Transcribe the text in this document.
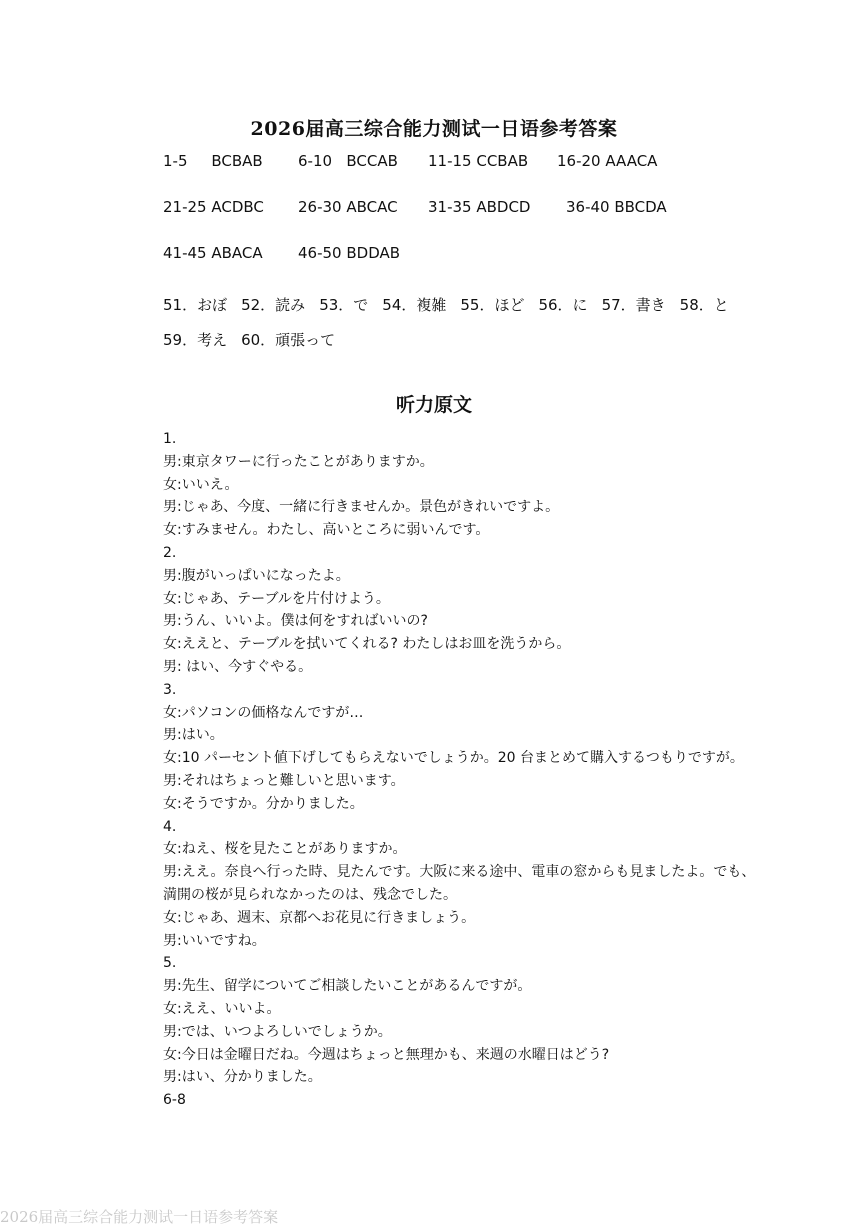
2026届高三综合能力测试一日语参考答案
1-5     BCBAB 6-10   BCCAB 11-15 CCBAB 16-20 AAACA
21-25 ACDBC 26-30 ABCAC 31-35 ABDCD 36-40 BBCDA
41-45 ABACA 46-50 BDDAB
51．おぼ 52．読み 53．で 54．複雑 55．ほど 56．に 57．書き 58．と
59．考え 60．頑張って
听力原文
1.
男:東京タワーに行ったことがありますか。
女:いいえ。
男:じゃあ、今度、一緒に行きませんか。景色がきれいですよ。
女:すみません。わたし、高いところに弱いんです。
2.
男:腹がいっぱいになったよ。
女:じゃあ、テーブルを片付けよう。
男:うん、いいよ。僕は何をすればいいの?
女:ええと、テーブルを拭いてくれる? わたしはお皿を洗うから。
男: はい、今すぐやる。
3.
女:パソコンの価格なんですが…
男:はい。
女:10 パーセント値下げしてもらえないでしょうか。20 台まとめて購入するつもりですが。
男:それはちょっと難しいと思います。
女:そうですか。分かりました。
4.
女:ねえ、桜を見たことがありますか。
男:ええ。奈良へ行った時、見たんです。大阪に来る途中、電車の窓からも見ましたよ。でも、
満開の桜が見られなかったのは、残念でした。
女:じゃあ、週末、京都へお花見に行きましょう。
男:いいですね。
5.
男:先生、留学についてご相談したいことがあるんですが。
女:ええ、いいよ。
男:では、いつよろしいでしょうか。
女:今日は金曜日だね。今週はちょっと無理かも、来週の水曜日はどう?
男:はい、分かりました。
6-8
2026届高三综合能力测试一日语参考答案
